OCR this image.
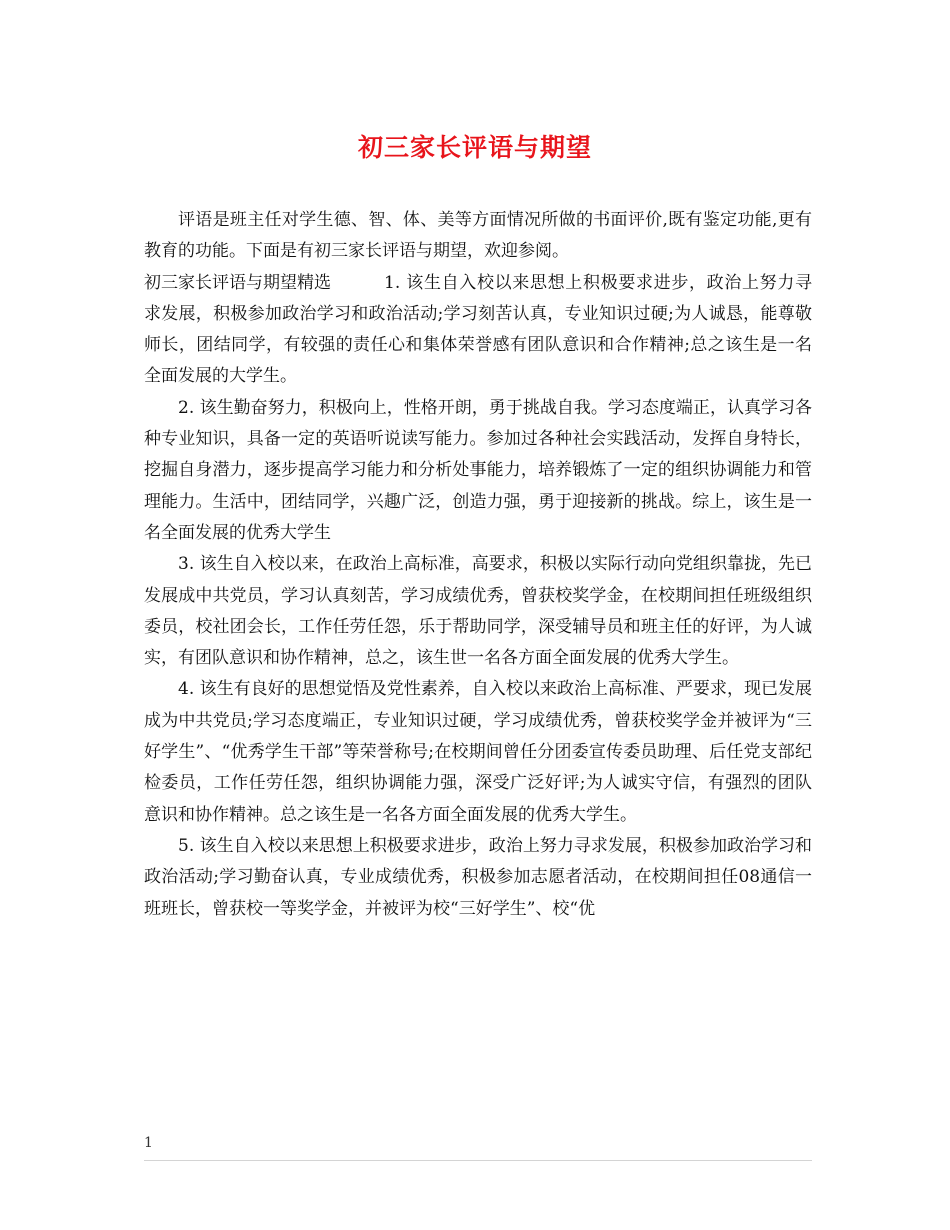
初三家长评语与期望

评语是班主任对学生德、智、体、美等方面情况所做的书面评价,既有鉴定功能,更有教育的功能。下面是有初三家长评语与期望，欢迎参阅。

初三家长评语与期望精选	1. 该生自入校以来思想上积极要求进步，政治上努力寻求发展，积极参加政治学习和政治活动;学习刻苦认真，专业知识过硬;为人诚恳，能尊敬师长，团结同学，有较强的责任心和集体荣誉感有团队意识和合作精神;总之该生是一名全面发展的大学生。

2. 该生勤奋努力，积极向上，性格开朗，勇于挑战自我。学习态度端正，认真学习各种专业知识，具备一定的英语听说读写能力。参加过各种社会实践活动，发挥自身特长，挖掘自身潜力，逐步提高学习能力和分析处事能力，培养锻炼了一定的组织协调能力和管理能力。生活中，团结同学，兴趣广泛，创造力强，勇于迎接新的挑战。综上，该生是一名全面发展的优秀大学生

3. 该生自入校以来，在政治上高标准，高要求，积极以实际行动向党组织靠拢，先已发展成中共党员，学习认真刻苦，学习成绩优秀，曾获校奖学金，在校期间担任班级组织委员，校社团会长，工作任劳任怨，乐于帮助同学，深受辅导员和班主任的好评，为人诚实，有团队意识和协作精神，总之，该生世一名各方面全面发展的优秀大学生。

4. 该生有良好的思想觉悟及党性素养，自入校以来政治上高标准、严要求，现已发展成为中共党员;学习态度端正，专业知识过硬，学习成绩优秀，曾获校奖学金并被评为“三好学生”、“优秀学生干部”等荣誉称号;在校期间曾任分团委宣传委员助理、后任党支部纪检委员，工作任劳任怨，组织协调能力强，深受广泛好评;为人诚实守信，有强烈的团队意识和协作精神。总之该生是一名各方面全面发展的优秀大学生。

5. 该生自入校以来思想上积极要求进步，政治上努力寻求发展，积极参加政治学习和政治活动;学习勤奋认真，专业成绩优秀，积极参加志愿者活动，在校期间担任08通信一班班长，曾获校一等奖学金，并被评为校“三好学生”、校“优

1
